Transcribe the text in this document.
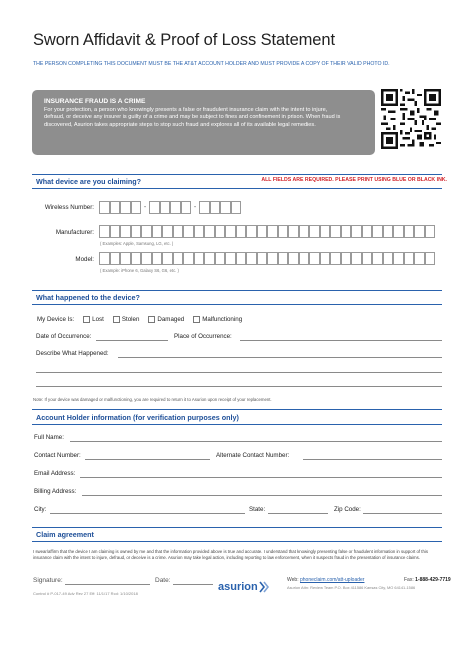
Sworn Affidavit & Proof of Loss Statement
THE PERSON COMPLETING THIS DOCUMENT MUST BE THE AT&T ACCOUNT HOLDER AND MUST PROVIDE A COPY OF THEIR VALID PHOTO ID.
INSURANCE FRAUD IS A CRIME
For your protection, a person who knowingly presents a false or fraudulent insurance claim with the intent to injure, defraud, or deceive any insurer is guilty of a crime and may be subject to fines and confinement in prison. When fraud is discovered, Asurion takes appropriate steps to stop such fraud and explores all of its available legal remedies.
What device are you claiming?	ALL FIELDS ARE REQUIRED. PLEASE PRINT USING BLUE OR BLACK INK.
Wireless Number:	-	-
Manufacturer:
( Examples: Apple, Samsung, LG, etc. )
Model:
( Example: iPhone 6, Galaxy S6, G6, etc. )
What happened to the device?
My Device Is:	Lost	Stolen	Damaged	Malfunctioning
Date of Occurrence:	Place of Occurrence:
Describe What Happened:
Note: If your device was damaged or malfunctioning, you are required to return it to Asurion upon receipt of your replacement.
Account Holder information (for verification purposes only)
Full Name:
Contact Number:	Alternate Contact Number:
Email Address:
Billing Address:
City:	State:	Zip Code:
Claim agreement
I swear/affirm that the device I am claiming is owned by me and that the information provided above is true and accurate. I understand that knowingly presenting false or fraudulent information in support of this insurance claim with the intent to injure, defraud, or deceive is a crime. Asurion may take legal action, including reporting to law enforcement, when it suspects fraud in the presentation of insurance claims.
Signature:	Date:
Control # P-017-49 Adv Rev 27 Eff: 11/1/17 Rcd: 1/10/2018
asurion
Web: phoneclaim.com/att-uploader	Fax: 1-888-429-7719
Asurion Attn: Review Team P.O. Box 411586 Kansas City, MO 64141-1586
